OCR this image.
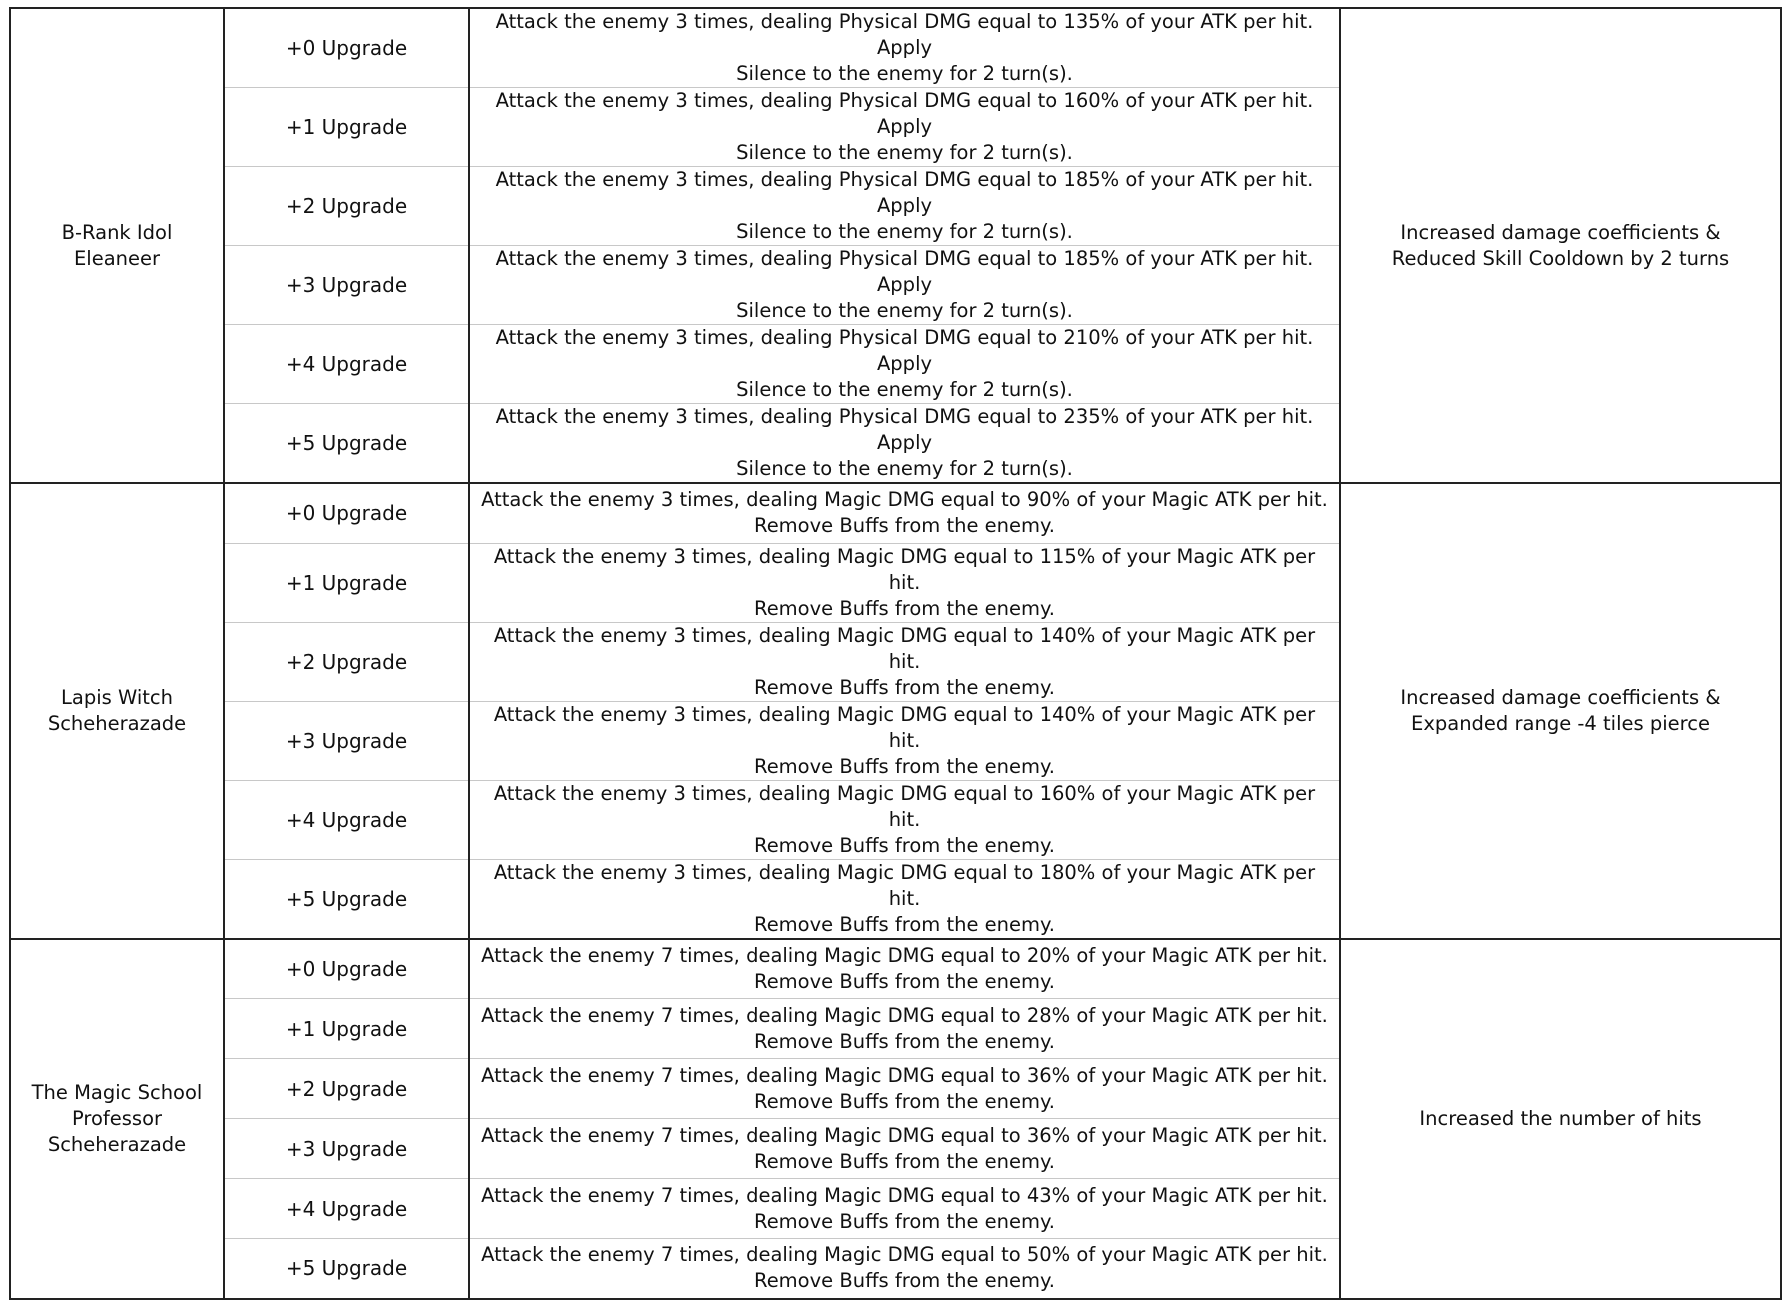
B-Rank Idol
Eleaneer	+0 Upgrade	Attack the enemy 3 times, dealing Physical DMG equal to 135% of your ATK per hit. Apply
Silence to the enemy for 2 turn(s).	Increased damage coefficients &
Reduced Skill Cooldown by 2 turns
	+1 Upgrade	Attack the enemy 3 times, dealing Physical DMG equal to 160% of your ATK per hit. Apply
Silence to the enemy for 2 turn(s).	
	+2 Upgrade	Attack the enemy 3 times, dealing Physical DMG equal to 185% of your ATK per hit. Apply
Silence to the enemy for 2 turn(s).	
	+3 Upgrade	Attack the enemy 3 times, dealing Physical DMG equal to 185% of your ATK per hit. Apply
Silence to the enemy for 2 turn(s).	
	+4 Upgrade	Attack the enemy 3 times, dealing Physical DMG equal to 210% of your ATK per hit. Apply
Silence to the enemy for 2 turn(s).	
	+5 Upgrade	Attack the enemy 3 times, dealing Physical DMG equal to 235% of your ATK per hit. Apply
Silence to the enemy for 2 turn(s).	
Lapis Witch
Scheherazade	+0 Upgrade	Attack the enemy 3 times, dealing Magic DMG equal to 90% of your Magic ATK per hit.
Remove Buffs from the enemy.	Increased damage coefficients &
Expanded range -4 tiles pierce
	+1 Upgrade	Attack the enemy 3 times, dealing Magic DMG equal to 115% of your Magic ATK per hit.
Remove Buffs from the enemy.	
	+2 Upgrade	Attack the enemy 3 times, dealing Magic DMG equal to 140% of your Magic ATK per hit.
Remove Buffs from the enemy.	
	+3 Upgrade	Attack the enemy 3 times, dealing Magic DMG equal to 140% of your Magic ATK per hit.
Remove Buffs from the enemy.	
	+4 Upgrade	Attack the enemy 3 times, dealing Magic DMG equal to 160% of your Magic ATK per hit.
Remove Buffs from the enemy.	
	+5 Upgrade	Attack the enemy 3 times, dealing Magic DMG equal to 180% of your Magic ATK per hit.
Remove Buffs from the enemy.	
The Magic School
Professor
Scheherazade	+0 Upgrade	Attack the enemy 7 times, dealing Magic DMG equal to 20% of your Magic ATK per hit.
Remove Buffs from the enemy.	Increased the number of hits
	+1 Upgrade	Attack the enemy 7 times, dealing Magic DMG equal to 28% of your Magic ATK per hit.
Remove Buffs from the enemy.	
	+2 Upgrade	Attack the enemy 7 times, dealing Magic DMG equal to 36% of your Magic ATK per hit.
Remove Buffs from the enemy.	
	+3 Upgrade	Attack the enemy 7 times, dealing Magic DMG equal to 36% of your Magic ATK per hit.
Remove Buffs from the enemy.	
	+4 Upgrade	Attack the enemy 7 times, dealing Magic DMG equal to 43% of your Magic ATK per hit.
Remove Buffs from the enemy.	
	+5 Upgrade	Attack the enemy 7 times, dealing Magic DMG equal to 50% of your Magic ATK per hit.
Remove Buffs from the enemy.	
